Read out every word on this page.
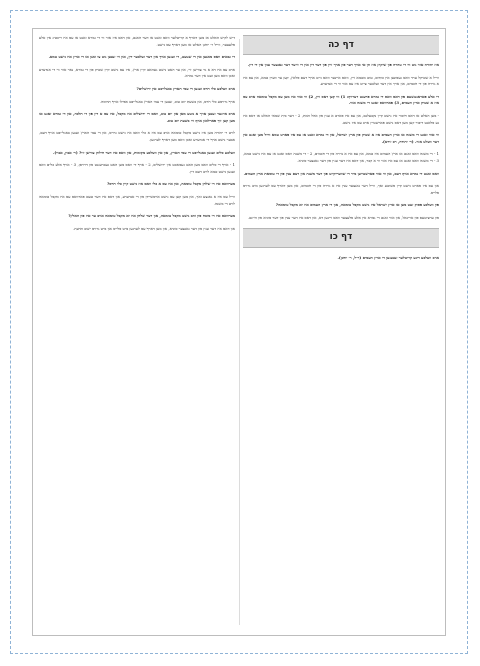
דף כה

איז יהודה אזוי גוט ווי די טהרה פון שיקוץ איז הן אי אויך דער פון אויך זיין פון דער דין אין די זייער דער גאנצער ענין אין די דין.

ווייל א שטיקל ערד וואס געפונען אין כותים, טוט מטמא זיין, וואס איינער וואס גייט אויף דעם פלאץ, קען ער ווערן טמא, און עס איז א גזירה פון די חכמים, און אויך אין דער זעלבער צייט איז עס אזוי ווי די אנדערע.

די אלע פאראנטשעם פון דאס וואס די גמרא פרעגט דערויף: 1) ווי קען דאס זיין, 2) ווי אזוי איז מען עס מקבל טומאה אויב עס איז א שטיק ארץ העמים, 3) פארוואס זאגט די משנה אזוי.

- מען האלט אז דאס חיבור איז נישט קיין נקבעלנם, און עס איז פארט א ענין פון אהל המת, 2 - דער בית שמאי האלט אז דאס איז גע פלאנט דיבור קען מען דאס נישט פארשטיין אויב עס איז נישט.

ווי אזוי זאגט די משנה אז ארץ העמים איז א שטיק פון ארץ ישראל, און די גמרא זאגט אז עס איז פארט טמא ווייל מען זאגט אין דער וועלט אזוי. (ר׳ יהודה, רב זירא).

1 - די משנה וואס זאגט אז ארץ העמים איז טמא, און עס איז א גזירה פון די חכמים, 2 - די משנה וואס זאגט אז עס איז נישט טמא, 3 - די משנה וואס זאגט אז עס איז אזוי ווי א קבר, און דאס איז דער ענין פון דער גאנצער סוגיא.

וואס זאגט די גמרא אויף דעם, און ווי אזוי פארשטייען מיר די שוועריקייט פון דער משנה אין דעם ענין פון די טומאת ארץ העמים.

און עס איז פארט נישט קיין פשוטע זאך, ווייל דער גאנצער ענין איז א גזירה פון די חכמים, און מען דארף עס לערנען מיט גרויס פלייס.

פון וועלכע פסוק זעט מען אז ארץ ישראל איז נישט מקבל טומאה, און די ארץ העמים איז יא מקבל טומאה?

פון ערציטעס פון אריגאל, און אזוי זאגט די גמרא אין אלע פלעצער וואס זיינען דא, און דאס איז דער ענין פון דער סוגיא פון היינט.

דף כו

אויב וועלכע דינע קריטלער זעגענען די ארץ העמים (ר״ל, ר׳ יוחנן).

דיש לקיש האלט אז מען דארף א קריטלער וואס זאגט אז דער האנט, און דאס איז אזוי ווי די גמרא זאגט אז עס איז ריכטיג אין אלע פלעצער, ווייל ר׳ יוחנן האלט אז מען דארף עס נישט.

די גבאים וואס מאנען אין די שטעט, די זענען אויך אין דער זעלבער דין, און זיי זענען גוט צו זאגן אז די ארץ איז נישט טמא.

אויב עס איז דא א גר צווישן זיי, און ער האט נישט געהאט קיין ארץ, איז עס נישט קיין שטיק פון די גמרא, נאר אזוי ווי די אנדערע זאכן וואס מען זעט אין דער גמרא.

אויב וועלכע כלי חרס זענען די עמי הארץ באגלייבט אין ירושלים?

אויף גרויסע כלי חרס, און בשעת יום טוב, זענען די עמי הארץ באגלייבט אפילו אויף תרומה.

אויב איינער זענען אויך א גוטע מאן און יום טוב, וואס די ירושלים איז מקבל, איז עס א דין פון די הלכה, און די גמרא זאגט אז מען קען זיך פארלאזן אויף זיי בשעת יום טוב.

לויט ר׳ יהודה מען איז נישט מקבל טומאה אויב עס איז א כלי וואס איז נישט גרויס, און די עמי הארץ זענען באגלייבט אויף דעם, אבער נישט אויף די אנדערע זאכן וואס מען דארף לערנען.

וועלכע כלים זענען באגלייבט די עמי הארץ, און אין וועלכע מקומות, און וואס איז דער חילוק צווישן זיי? (ר׳ אבין, אביי).

1 - אויף די כלים וואס מען האט געמאכט אין ירושלים, 2 - אויף די וואס מען האט געברענגט פון דרויסן, 3 - אויף אלע כלים וואס זענען נישט טמא לויט דעם דין.

מערוואס איז די שלחן מקבל טומאה, און איז עס א כלי וואס איז נישט קיין כלי חרס?

ווייל עס איז א גאנצע זאך, און מען קען עס נישט אויסשיידן פון די אנדערע, און דאס איז דער טעם פארוואס עס איז מקבל טומאה לויט די משנה.

מערוואס איז די מזבח פון זהב נישט מקבל טומאה, און דער שלחן איז יא מקבל טומאה אויב ער איז פון האלץ?

און דאס איז דער ענין פון דער גאנצער סוגיא, און מען דארף עס לערנען מיט פלייס און מיט גרויס ישוב הדעת.
